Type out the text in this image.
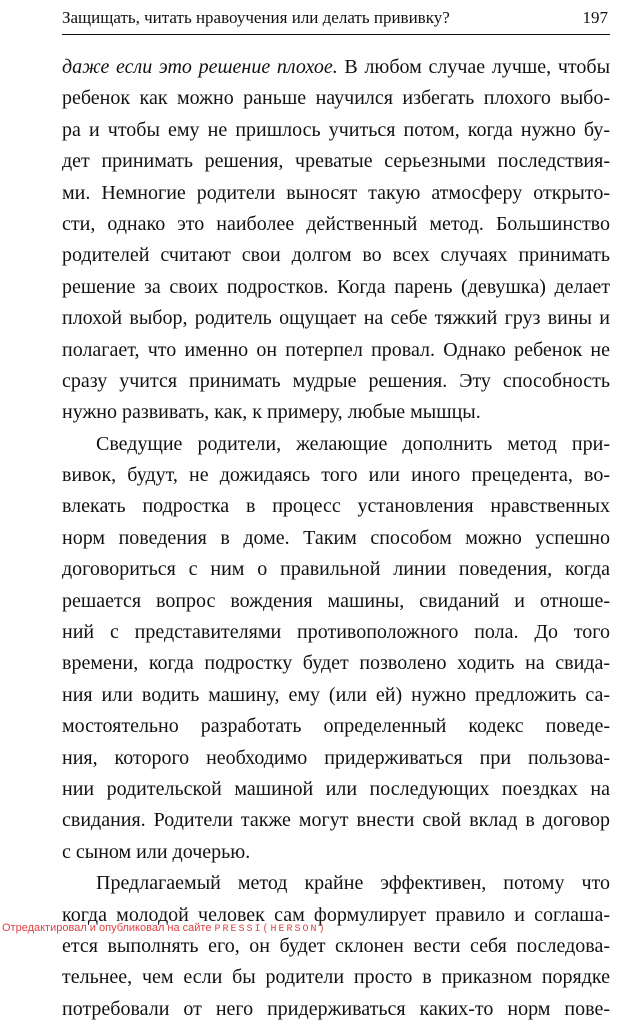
Защищать, читать нравоучения или делать прививку?	197
даже если это решение плохое. В любом случае лучше, чтобы
ребенок как можно раньше научился избегать плохого выбо-
ра и чтобы ему не пришлось учиться потом, когда нужно бу-
дет принимать решения, чреватые серьезными последствия-
ми. Немногие родители выносят такую атмосферу открыто-
сти, однако это наиболее действенный метод. Большинство
родителей считают свои долгом во всех случаях принимать
решение за своих подростков. Когда парень (девушка) делает
плохой выбор, родитель ощущает на себе тяжкий груз вины и
полагает, что именно он потерпел провал. Однако ребенок не
сразу учится принимать мудрые решения. Эту способность
нужно развивать, как, к примеру, любые мышцы.
Сведущие родители, желающие дополнить метод при-
вивок, будут, не дожидаясь того или иного прецедента, во-
влекать подростка в процесс установления нравственных
норм поведения в доме. Таким способом можно успешно
договориться с ним о правильной линии поведения, когда
решается вопрос вождения машины, свиданий и отноше-
ний с представителями противоположного пола. До того
времени, когда подростку будет позволено ходить на свида-
ния или водить машину, ему (или ей) нужно предложить са-
мостоятельно разработать определенный кодекс поведе-
ния, которого необходимо придерживаться при пользова-
нии родительской машиной или последующих поездках на
свидания. Родители также могут внести свой вклад в договор
с сыном или дочерью.
Предлагаемый метод крайне эффективен, потому что
когда молодой человек сам формулирует правило и соглаша-
ется выполнять его, он будет склонен вести себя последова-
тельнее, чем если бы родители просто в приказном порядке
потребовали от него придерживаться каких-то норм пове-
Отредактировал и опубликовал на сайте PRESSI(HERSON)
